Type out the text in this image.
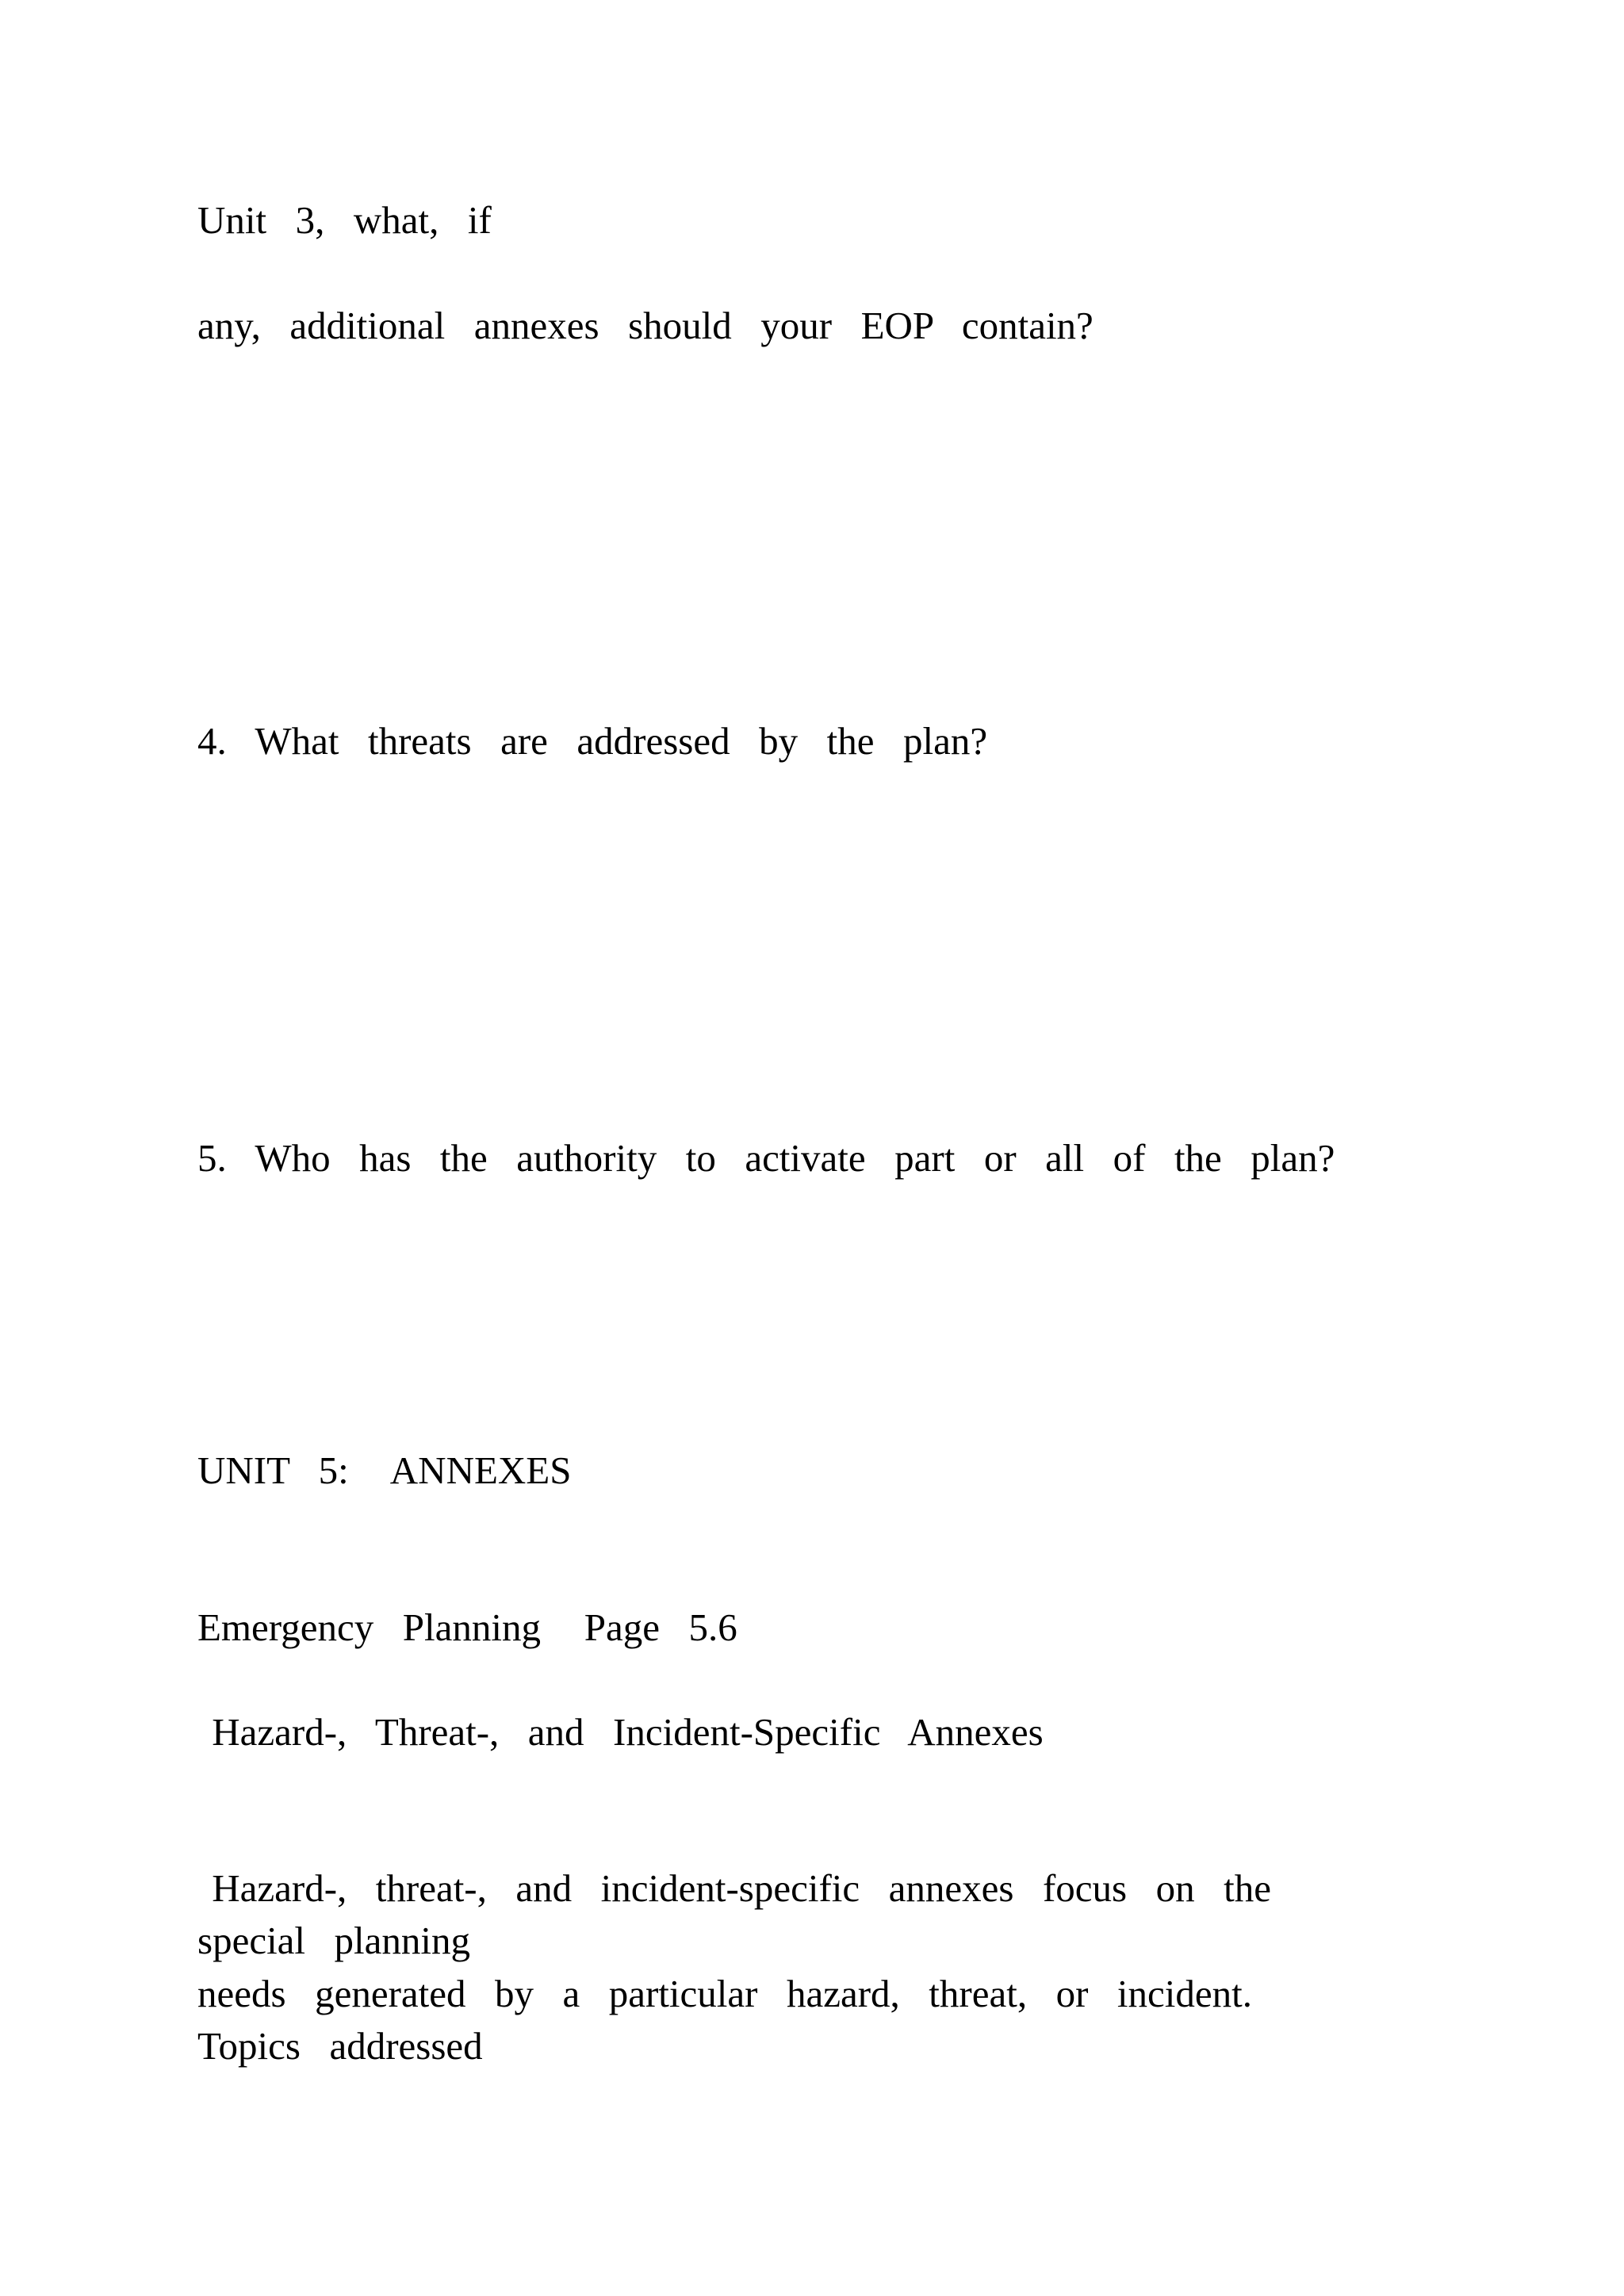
Unit  3,  what,  if
any,  additional  annexes  should  your  EOP  contain?
4.  What  threats  are  addressed  by  the  plan?
5.  Who  has  the  authority  to  activate  part  or  all  of  the  plan?
UNIT  5:   ANNEXES
Emergency  Planning   Page  5.6
Hazard-,  Threat-,  and  Incident-Specific  Annexes
Hazard-,  threat-,  and  incident-specific  annexes  focus  on  the
special  planning
needs  generated  by  a  particular  hazard,  threat,  or  incident.
Topics  addressed
